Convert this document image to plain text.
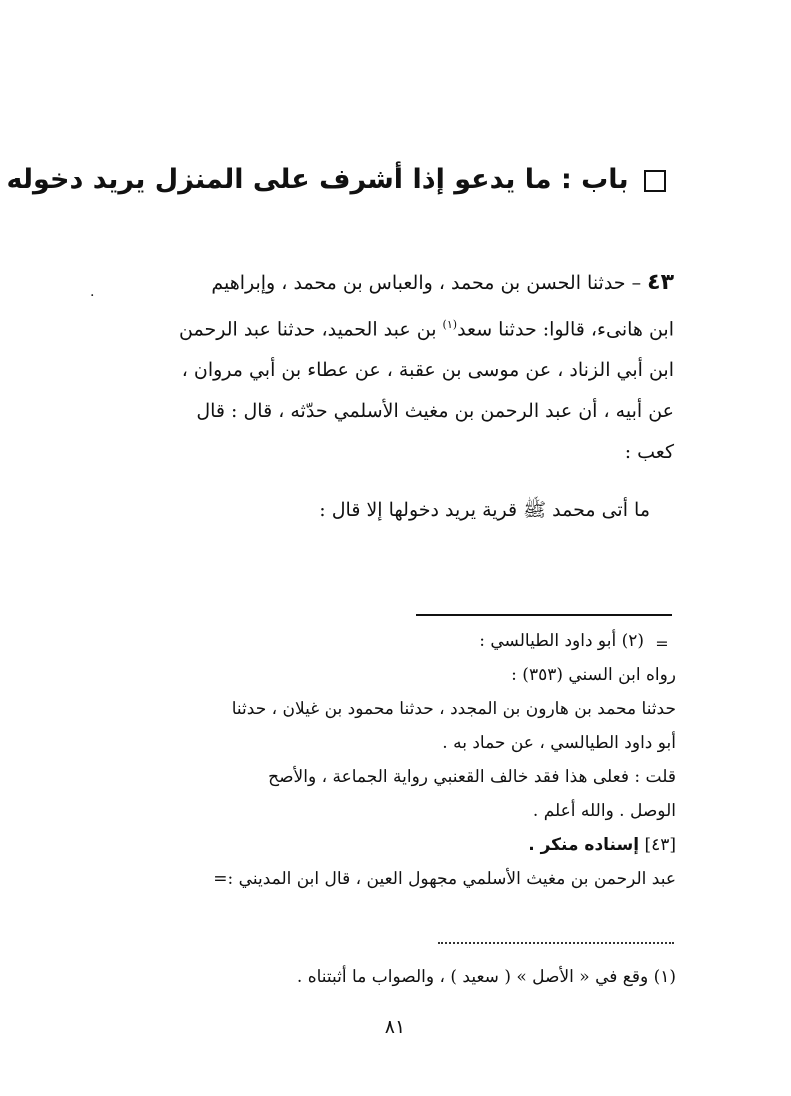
باب : ما يدعو إذا أشرف على المنزل يريد دخوله
.	٤٣ – حدثنا الحسن بن محمد ، والعباس بن محمد ، وإبراهيم

ابن هانىء، قالوا: حدثنا سعد$^{(١)}$ بن عبد الحميد، حدثنا عبد الرحمن

ابن أبي الزناد ، عن موسى بن عقبة ، عن عطاء بن أبي مروان ،

عن أبيه ، أن عبد الرحمن بن مغيث الأسلمي حدّثه ، قال : قال

كعب :

ما أتى محمد ﷺ قرية يريد دخولها إلا قال :
=

(٢) أبو داود الطيالسي :

رواه ابن السني (٣٥٣) :

حدثنا محمد بن هارون بن المجدد ، حدثنا محمود بن غيلان ، حدثنا

أبو داود الطيالسي ، عن حماد به .

قلت : فعلى هذا فقد خالف القعنبي رواية الجماعة ، والأصح

الوصل . والله أعلم .

[٤٣] إسناده منكر .

عبد الرحمن بن مغيث الأسلمي مجهول العين ، قال ابن المديني :=

(١) وقع في « الأصل » ( سعيد ) ، والصواب ما أثبتناه .
٨١
